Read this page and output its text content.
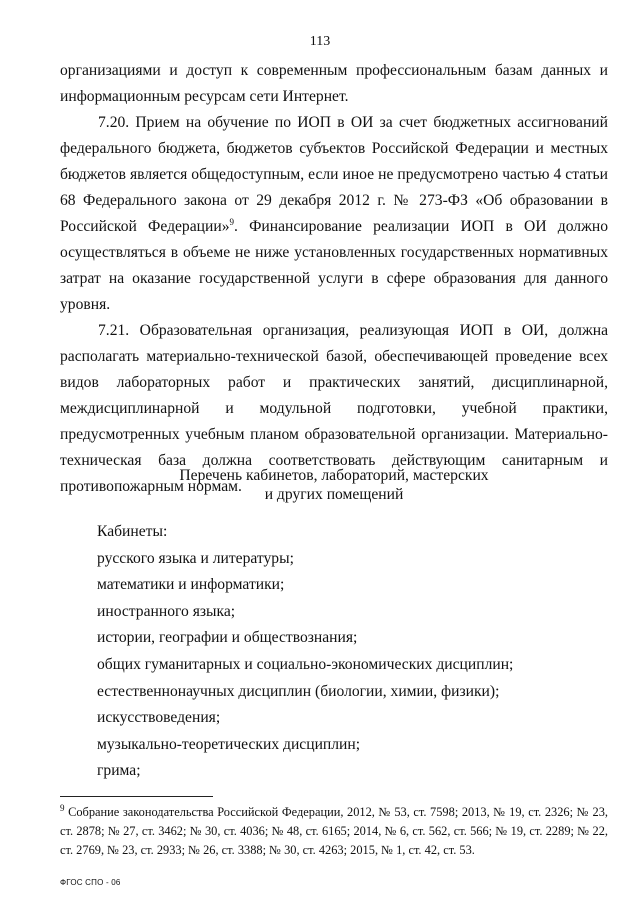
113

организациями и доступ к современным профессиональным базам данных и информационным ресурсам сети Интернет.

7.20. Прием на обучение по ИОП в ОИ за счет бюджетных ассигнований федерального бюджета, бюджетов субъектов Российской Федерации и местных бюджетов является общедоступным, если иное не предусмотрено частью 4 статьи 68 Федерального закона от 29 декабря 2012 г. № 273-ФЗ «Об образовании в Российской Федерации»$^9$. Финансирование реализации ИОП в ОИ должно осуществляться в объеме не ниже установленных государственных нормативных затрат на оказание государственной услуги в сфере образования для данного уровня.

7.21. Образовательная организация, реализующая ИОП в ОИ, должна располагать материально-технической базой, обеспечивающей проведение всех видов лабораторных работ и практических занятий, дисциплинарной, междисциплинарной и модульной подготовки, учебной практики, предусмотренных учебным планом образовательной организации. Материально-техническая база должна соответствовать действующим санитарным и противопожарным нормам.

Перечень кабинетов, лабораторий, мастерских
и других помещений
Кабинеты:
русского языка и литературы;
математики и информатики;
иностранного языка;
истории, географии и обществознания;
общих гуманитарных и социально-экономических дисциплин;
естественнонаучных дисциплин (биологии, химии, физики);
искусствоведения;
музыкально-теоретических дисциплин;
грима;
$^9$ Собрание законодательства Российской Федерации, 2012, № 53, ст. 7598; 2013, № 19, ст. 2326; № 23, ст. 2878; № 27, ст. 3462; № 30, ст. 4036; № 48, ст. 6165; 2014, № 6, ст. 562, ст. 566; № 19, ст. 2289; № 22, ст. 2769, № 23, ст. 2933; № 26, ст. 3388; № 30, ст. 4263; 2015, № 1, ст. 42, ст. 53.
ФГОС СПО - 06
